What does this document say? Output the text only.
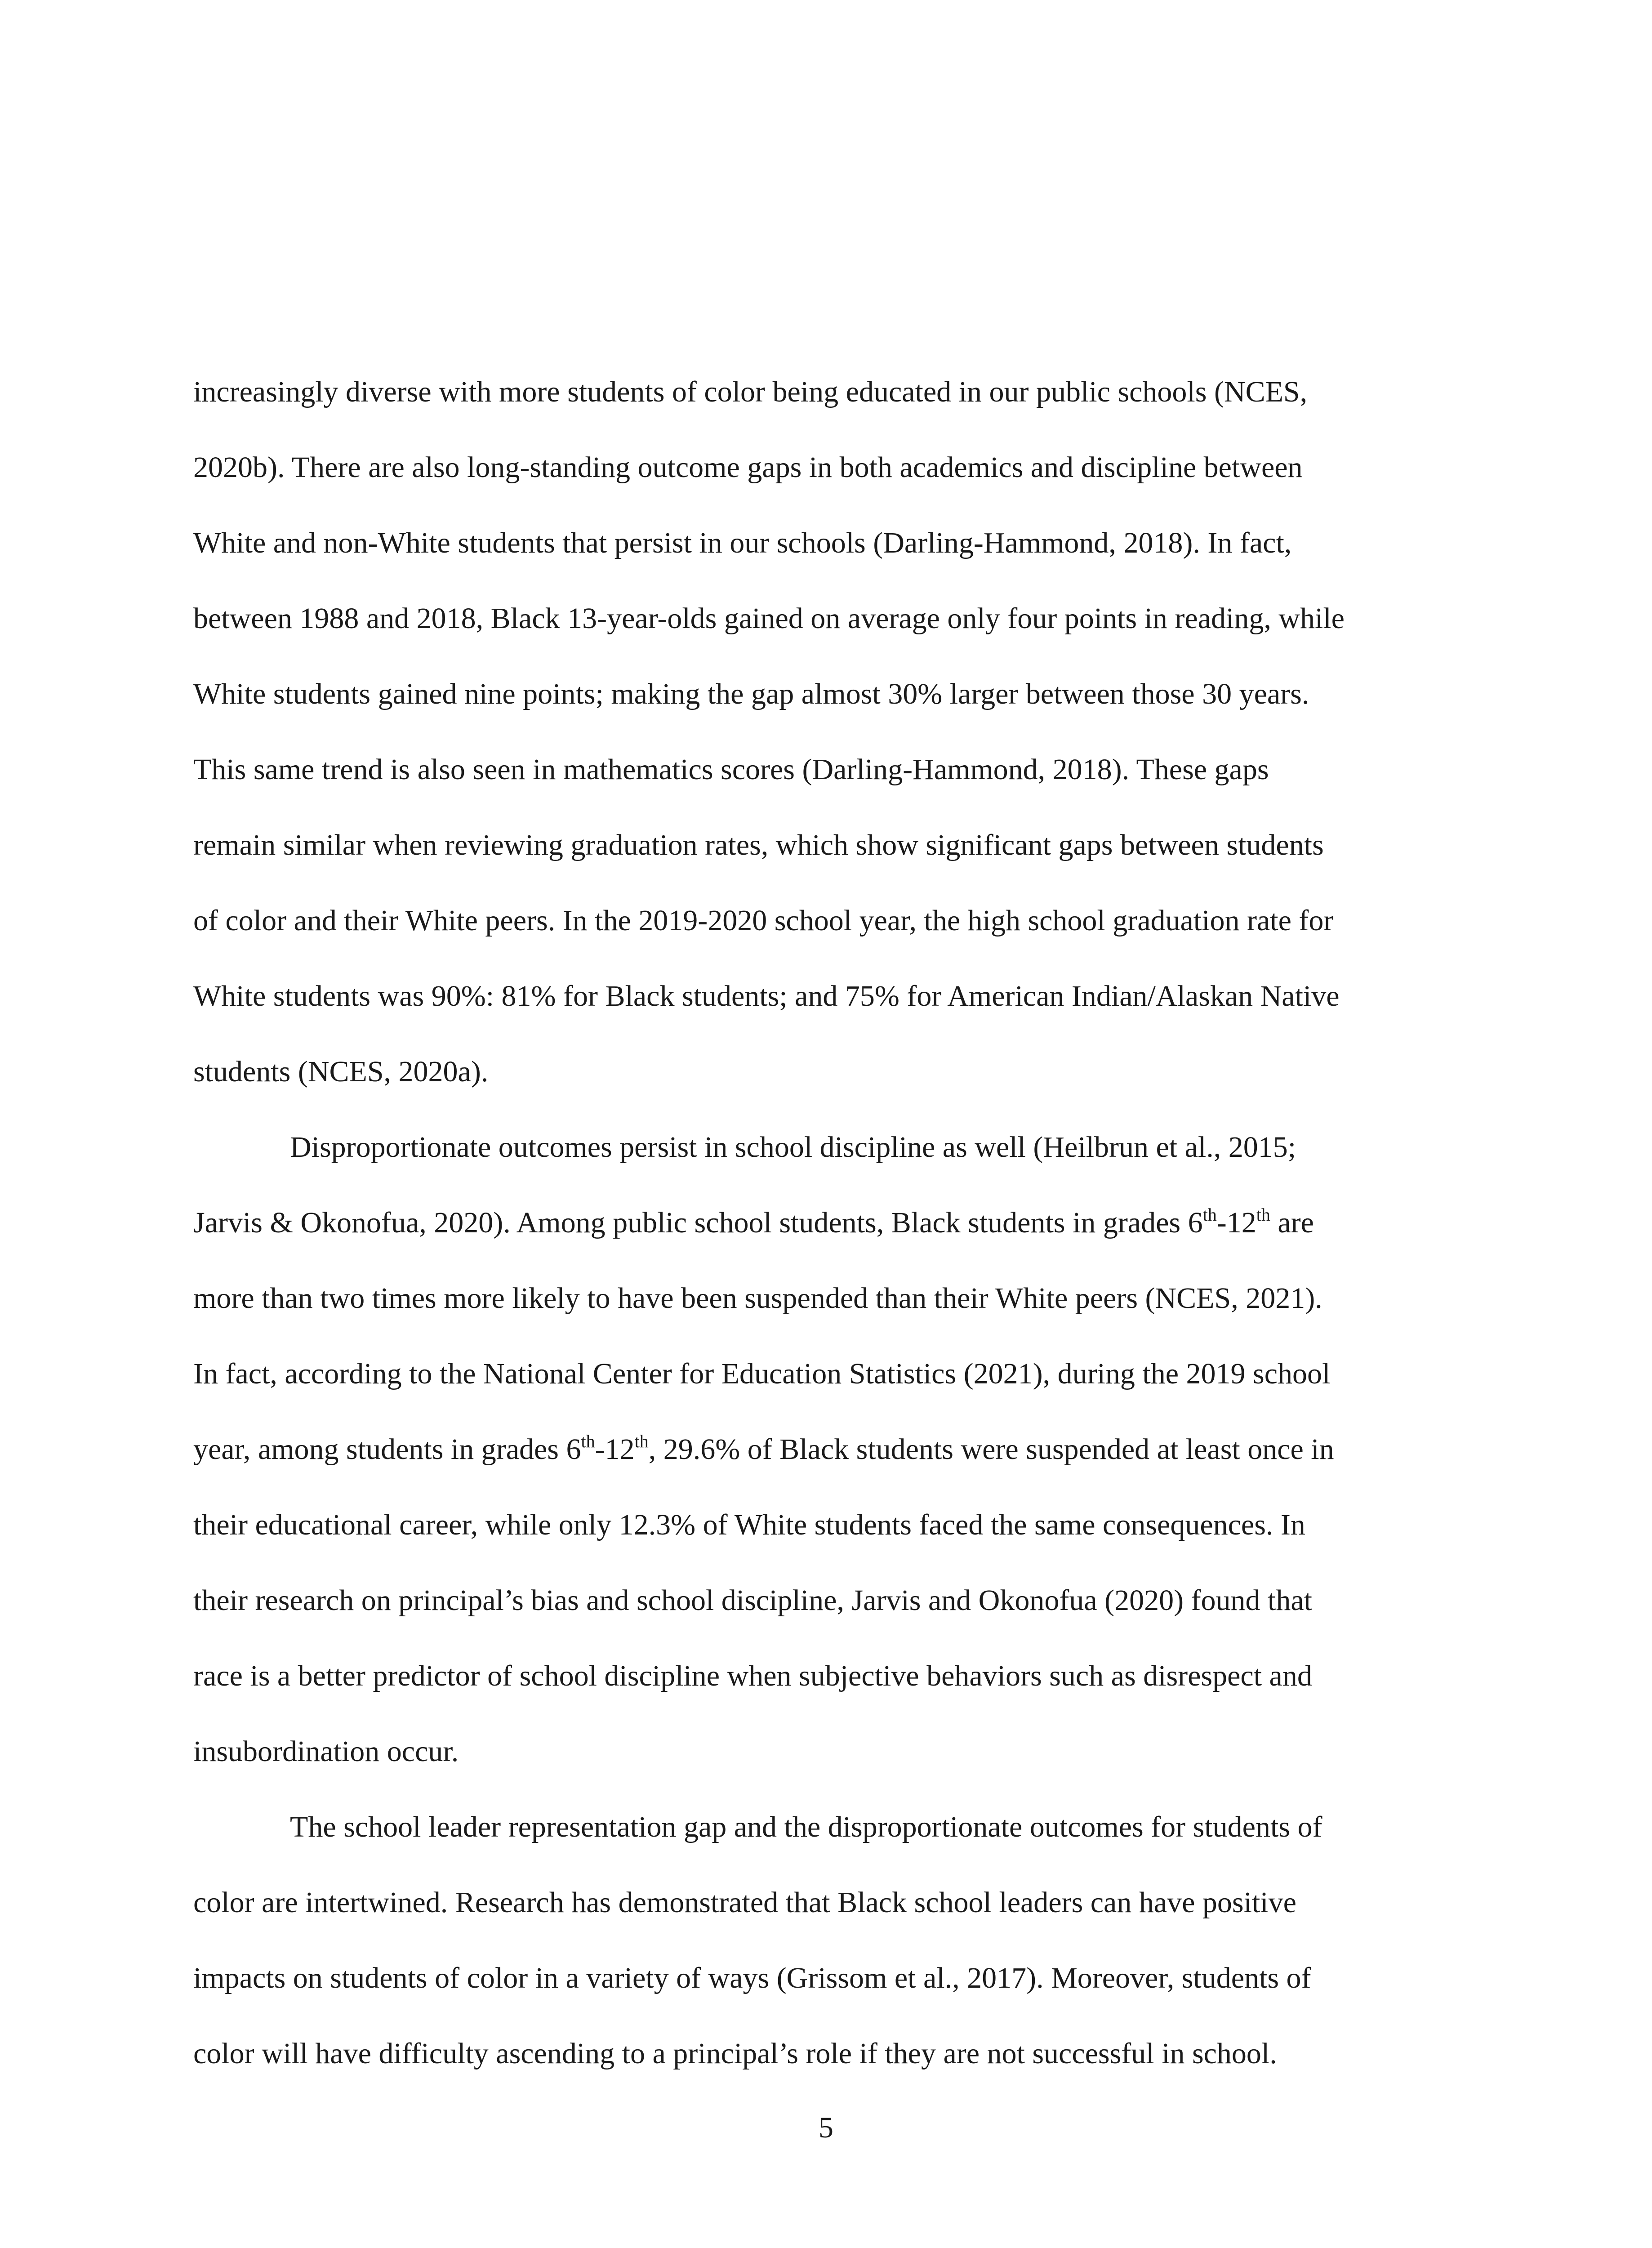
increasingly diverse with more students of color being educated in our public schools (NCES,
2020b). There are also long-standing outcome gaps in both academics and discipline between
White and non-White students that persist in our schools (Darling-Hammond, 2018). In fact,
between 1988 and 2018, Black 13-year-olds gained on average only four points in reading, while
White students gained nine points; making the gap almost 30% larger between those 30 years.
This same trend is also seen in mathematics scores (Darling-Hammond, 2018). These gaps
remain similar when reviewing graduation rates, which show significant gaps between students
of color and their White peers. In the 2019-2020 school year, the high school graduation rate for
White students was 90%: 81% for Black students; and 75% for American Indian/Alaskan Native
students (NCES, 2020a).
Disproportionate outcomes persist in school discipline as well (Heilbrun et al., 2015;
Jarvis & Okonofua, 2020). Among public school students, Black students in grades 6th-12th are
more than two times more likely to have been suspended than their White peers (NCES, 2021).
In fact, according to the National Center for Education Statistics (2021), during the 2019 school
year, among students in grades 6th-12th, 29.6% of Black students were suspended at least once in
their educational career, while only 12.3% of White students faced the same consequences. In
their research on principal’s bias and school discipline, Jarvis and Okonofua (2020) found that
race is a better predictor of school discipline when subjective behaviors such as disrespect and
insubordination occur.
The school leader representation gap and the disproportionate outcomes for students of
color are intertwined. Research has demonstrated that Black school leaders can have positive
impacts on students of color in a variety of ways (Grissom et al., 2017). Moreover, students of
color will have difficulty ascending to a principal’s role if they are not successful in school.
5
